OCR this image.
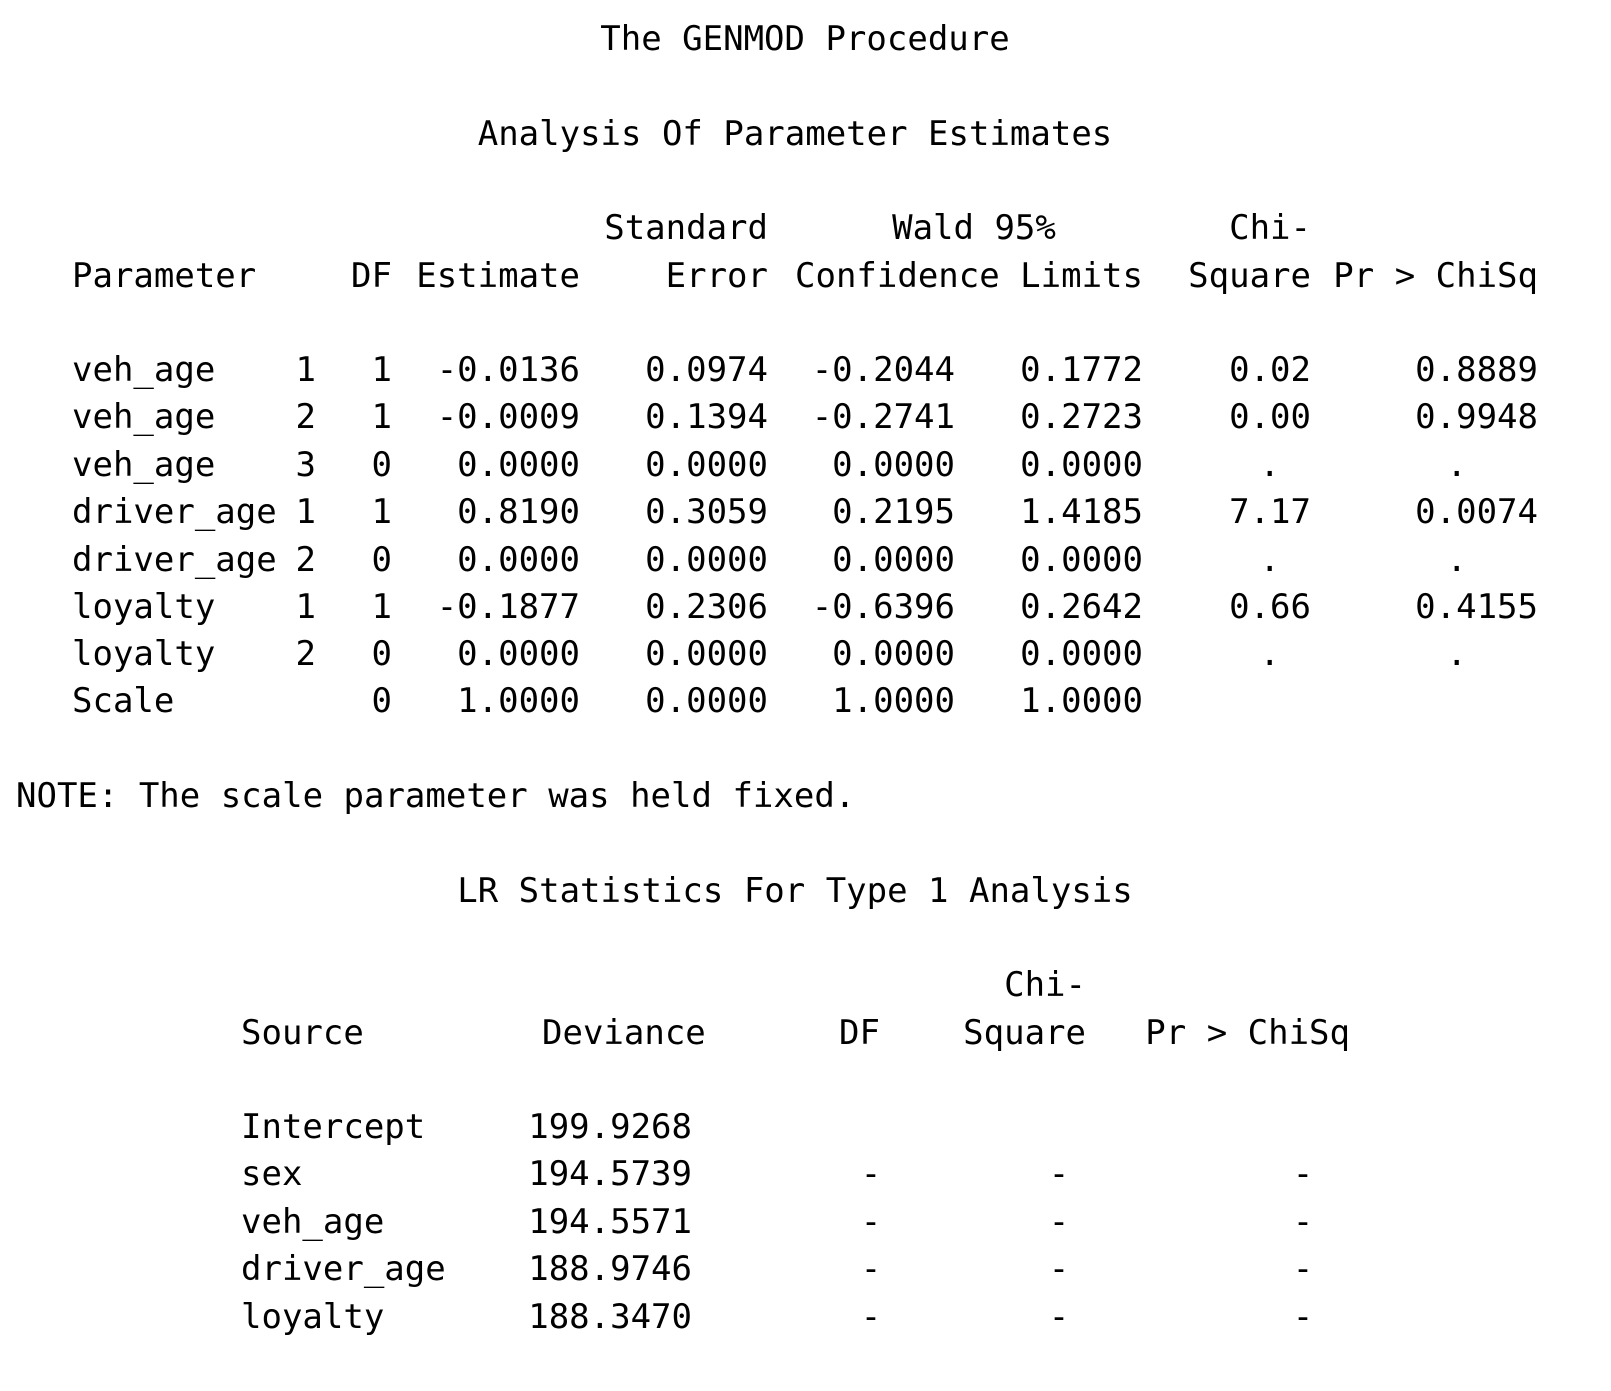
The GENMOD Procedure
Analysis Of Parameter Estimates
Parameter	DF Estimate
Standard
Error
Wald 95%
Confidence Limits
Chi-
Square Pr > ChiSq
veh_age 1 1 -0.0136 0.0974 -0.2044 0.1772	0.02	0.8889
veh_age 2 1 -0.0009 0.1394 -0.2741 0.2723	0.00	0.9948
veh_age 3 0 0.0000 0.0000 0.0000 0.0000	.	.
driver_age 1 1 0.8190 0.3059 0.2195 1.4185	7.17	0.0074
driver_age 2 0 0.0000 0.0000 0.0000 0.0000	.	.
loyalty 1 1 -0.1877 0.2306 -0.6396 0.2642	0.66	0.4155
loyalty 2 0 0.0000 0.0000 0.0000 0.0000	.	.
Scale	0 1.0000 0.0000 1.0000 1.0000
NOTE: The scale parameter was held fixed.
LR Statistics For Type 1 Analysis
Source	Deviance	DF
Chi-
Square Pr > ChiSq
Intercept	199.9268
sex	194.5739	-	-	-
veh_age	194.5571	-	-	-
driver_age 188.9746	-	-	-
loyalty	188.3470	-	-	-
